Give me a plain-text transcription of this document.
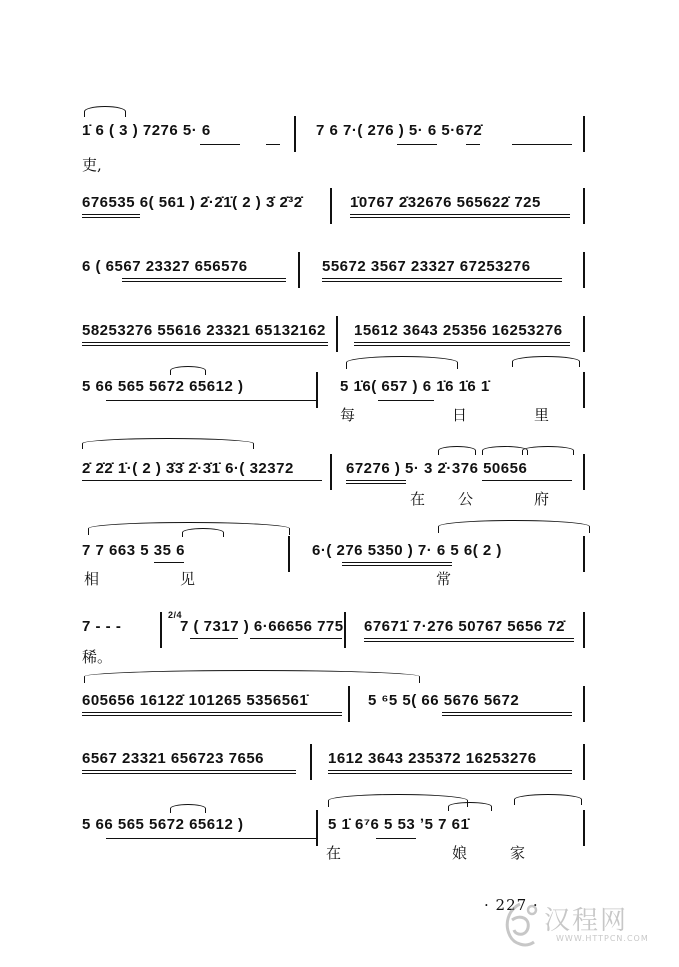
1̇ 6 ( 3 ) 7276 5· 6	7 6 7·( 276 ) 5· 6 5·672̇
吏,
676535 6( 561 ) 2̇·2̇1̇( 2 ) 3̇ 2̇³2̇	1̇0767 2̇32676 565622̇ 725
6 ( 6567 23327 656576	55672 3567 23327 67253276
58253276 55616 23321 65132162 15612 3643 25356 16253276
5 66 565 5672 65612 )	5 1̇6( 657 ) 6 1̇6 1̇6 1̇
每	日	里
2̇ 2̇2̇ 1̇·( 2 ) 3̇3̇ 2̇·3̇1̇ 6·( 32372	67276 ) 5· 3 2̇·376 50656
在 公	府
7 7 663 5 35 6	6·( 276 5350 ) 7· 6 5 6( 2 )
相	见	常
7 - - -
2/4
7 ( 7317 ) 6·66656 775 67671̇ 7·276 50767 5656 72̇
稀。
605656 16122̇ 101265 5356561̇	5 ⁶5 5( 66 5676 5672
6567 23321 656723 7656	1612 3643 235372 16253276
5 66 565 5672 65612 )	5 1̇ 6⁷6 5 53 ʼ5 7 61̇
在	娘	家
· 227 ·
汉程网
WWW.HTTPCN.COM
